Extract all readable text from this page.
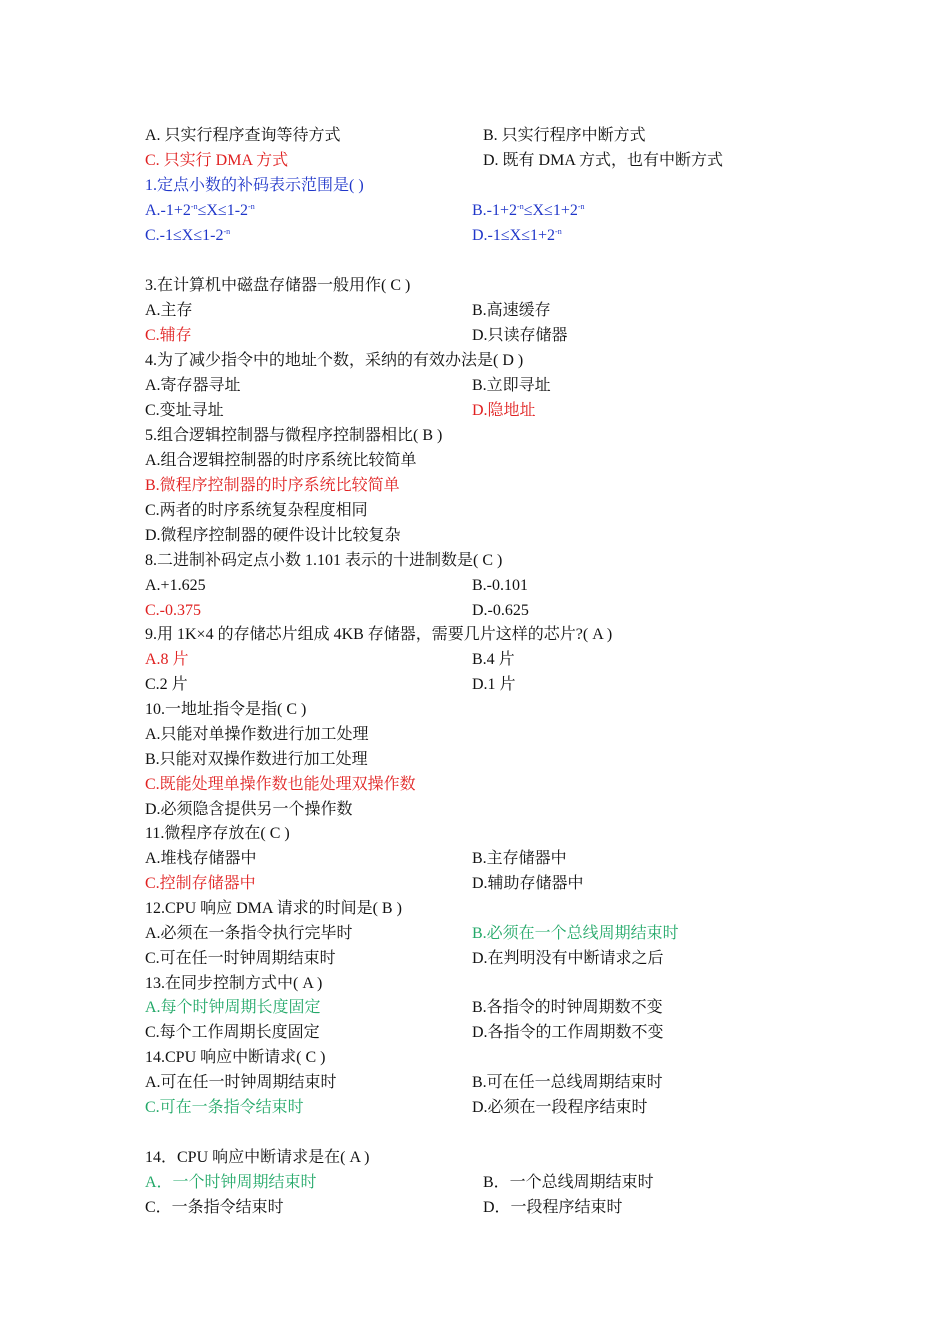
A. 只实行程序查询等待方式	B. 只实行程序中断方式
C. 只实行 DMA 方式	D. 既有 DMA 方式，也有中断方式
1.定点小数的补码表示范围是( )
$A.-1+2^{-n}\le X\le 1-2^{-n}$	$B.-1+2^{-n}\le X\le 1+2^{-n}$
$C.-1\le X\le 1-2^{-n}$	$D.-1\le X\le 1+2^{-n}$
3.在计算机中磁盘存储器一般用作( C )
A.主存	B.高速缓存
C.辅存	D.只读存储器
4.为了减少指令中的地址个数，采纳的有效办法是( D )
A.寄存器寻址	B.立即寻址
C.变址寻址	D.隐地址
5.组合逻辑控制器与微程序控制器相比( B )
A.组合逻辑控制器的时序系统比较简单
B.微程序控制器的时序系统比较简单
C.两者的时序系统复杂程度相同
D.微程序控制器的硬件设计比较复杂
8.二进制补码定点小数 1.101 表示的十进制数是( C )
A.+1.625	B.-0.101
C.-0.375	D.-0.625
9.用 1K×4 的存储芯片组成 4KB 存储器，需要几片这样的芯片?( A )
A.8 片	B.4 片
C.2 片	D.1 片
10.一地址指令是指( C )
A.只能对单操作数进行加工处理
B.只能对双操作数进行加工处理
C.既能处理单操作数也能处理双操作数
D.必须隐含提供另一个操作数
11.微程序存放在( C )
A.堆栈存储器中	B.主存储器中
C.控制存储器中	D.辅助存储器中
12.CPU 响应 DMA 请求的时间是( B )
A.必须在一条指令执行完毕时	B.必须在一个总线周期结束时
C.可在任一时钟周期结束时	D.在判明没有中断请求之后
13.在同步控制方式中( A )
A.每个时钟周期长度固定	B.各指令的时钟周期数不变
C.每个工作周期长度固定	D.各指令的工作周期数不变
14.CPU 响应中断请求( C )
A.可在任一时钟周期结束时	B.可在任一总线周期结束时
C.可在一条指令结束时	D.必须在一段程序结束时
14．CPU 响应中断请求是在( A )
A．一个时钟周期结束时	B．一个总线周期结束时
C．一条指令结束时	D．一段程序结束时
